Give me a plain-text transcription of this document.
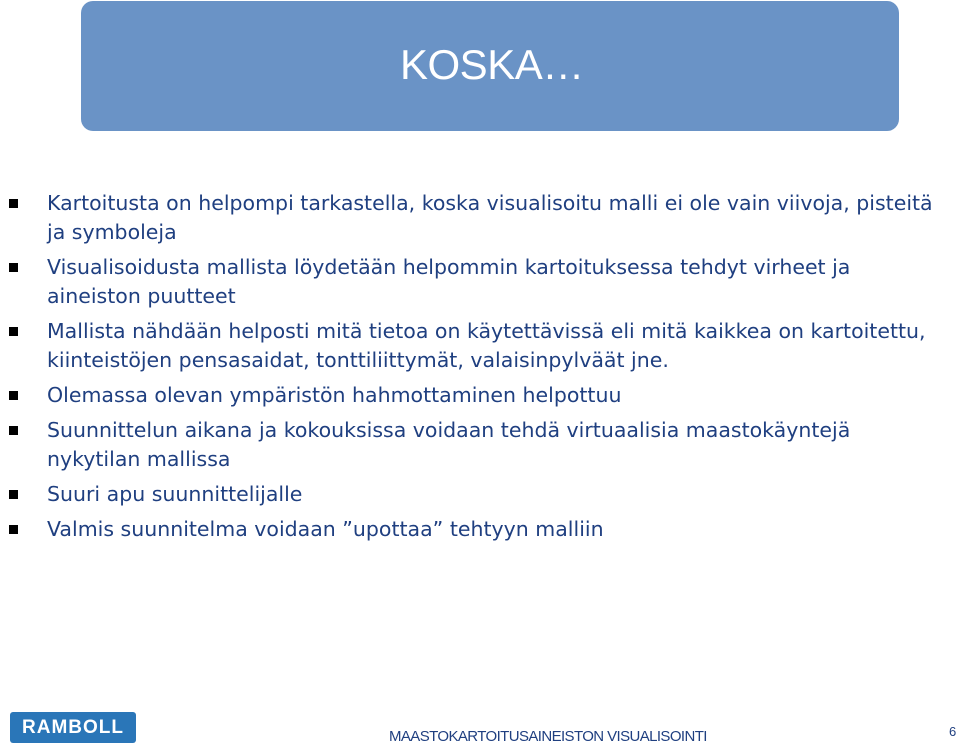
KOSKA…
Kartoitusta on helpompi tarkastella, koska visualisoitu malli ei ole vain viivoja, pisteitä ja symboleja
Visualisoidusta mallista löydetään helpommin kartoituksessa tehdyt virheet ja aineiston puutteet
Mallista nähdään helposti mitä tietoa on käytettävissä eli mitä kaikkea on kartoitettu, kiinteistöjen pensasaidat, tonttiliittymät, valaisinpylväät jne.
Olemassa olevan ympäristön hahmottaminen helpottuu
Suunnittelun aikana ja kokouksissa voidaan tehdä virtuaalisia maastokäyntejä nykytilan mallissa
Suuri apu suunnittelijalle
Valmis suunnitelma voidaan ”upottaa” tehtyyn malliin
RAMBOLL	MAASTOKARTOITUSAINEISTON VISUALISOINTI	6
